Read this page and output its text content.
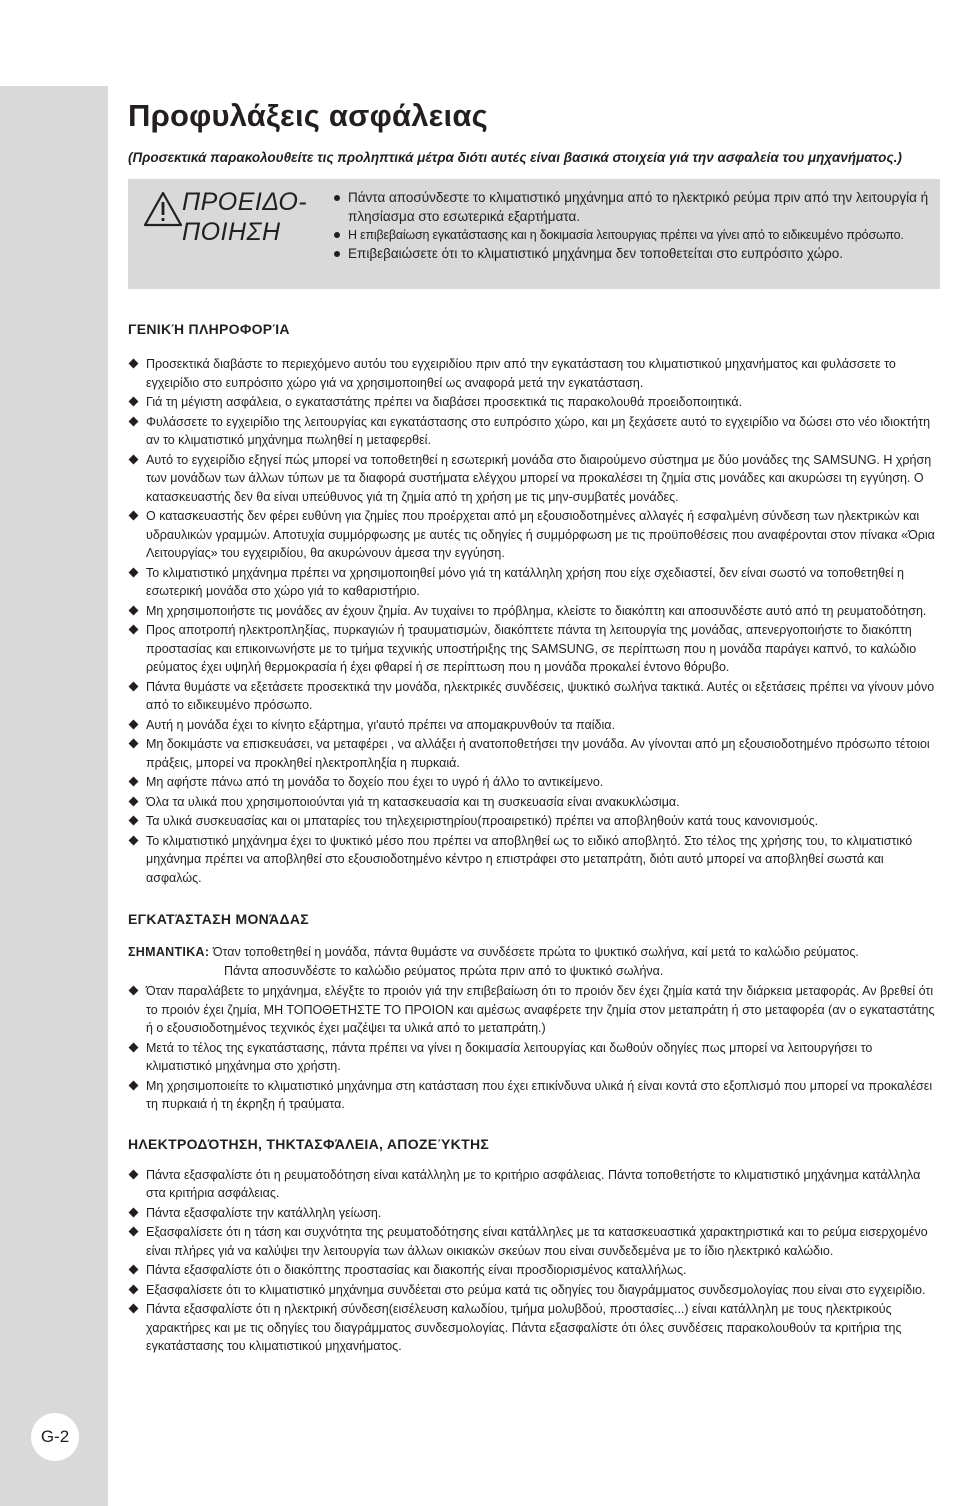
G-2
Προφυλάξεις ασφάλειας

(Προσεκτικά παρακολουθείτε τις προληπτικά μέτρα διότι αυτές είναι βασικά στοιχεία γιά την ασφαλεία του μηχανήματος.)

ΠΡΟΕΙΔΟ-
ΠΟΙΗΣΗ
Πάντα αποσύνδεστε το κλιματιστικό μηχάνημα από το ηλεκτρικό ρεύμα πριν από την λειτουργία ή πλησίασμα στο εσωτερικά εξαρτήματα.
Η επιβεβαίωση εγκατάστασης και η δοκιμασία λειτουργιας πρέπει να γίνει από το ειδικευμένο πρόσωπο.
Επιβεβαιώσετε ότι το κλιματιστικό μηχάνημα δεν τοποθετείται στο ευπρόσιτο χώρο.
ΓΕΝΙΚΉ ΠΛΗΡΟΦΟΡΊΑ
Προσεκτικά διαβάστε το περιεχόμενο αυτόυ του εγχειριδίου πριν από την εγκατάσταση του κλιματιστικού μηχανήματος και φυλάσσετε το εγχειρίδιο στο ευπρόσιτο χώρο γιά να χρησιμοποιηθεί ως αναφορά μετά την εγκατάσταση.
Γιά τη μέγιστη ασφάλεια, ο εγκαταστάτης πρέπει να διαβάσει προσεκτικά τις παρακολουθά προειδοποιητικά.
Φυλάσσετε το εγχειρίδιο της λειτουργίας και εγκατάστασης στο ευπρόσιτο χώρο, και μη ξεχάσετε αυτό το εγχειρίδιο να δώσει στο νέο ιδιοκτήτη αν το κλιματιστικό μηχάνημα πωληθεί η μεταφερθεί.
Αυτό το εγχειρίδιο εξηγεί πώς μπορεί να τοποθετηθεί η εσωτερική μονάδα στο διαιρούμενο σύστημα με δύο μονάδες της SAMSUNG. Η χρήση των μονάδων των άλλων τύπων με τα διαφορά συστήματα ελέγχου μπορεί να προκαλέσει τη ζημία στις μονάδες και ακυρώσει τη εγγύηση. Ο κατασκευαστής δεν θα είναι υπεύθυνος γιά τη ζημία από τη χρήση με τις μην-συμβατές μονάδες.
Ο κατασκευαστής δεν φέρει ευθύνη για ζημίες που προέρχεται από μη εξουσιοδοτημένες αλλαγές ή εσφαλμένη σύνδεση των ηλεκτρικών και υδραυλικών γραμμών. Αποτυχία συμμόρφωσης με αυτές τις οδηγίες ή συμμόρφωση με τις προϋποθέσεις που αναφέρονται στον πίνακα «Όρια Λειτουργίας» του εγχειριδίου, θα ακυρώνουν άμεσα την εγγύηση.
Το κλιματιστικό μηχάνημα πρέπει να χρησιμοποιηθεί μόνο γιά τη κατάλληλη χρήση που είχε σχεδιαστεί, δεν είναι σωστό να τοποθετηθεί η εσωτερική μονάδα στο χώρο γιά το καθαριστήριο.
Μη χρησιμοποιήστε τις μονάδες αν έχουν ζημία. Αν τυχαίνει το πρόβλημα, κλείστε το διακόπτη και αποσυνδέστε αυτό από τη ρευματοδότηση.
Προς αποτροπή ηλεκτροπληξίας, πυρκαγιών ή τραυματισμών, διακόπτετε πάντα τη λειτουργία της μονάδας, απενεργοποιήστε το διακόπτη προστασίας και επικοινωνήστε με το τμήμα τεχνικής υποστήριξης της SAMSUNG, σε περίπτωση που η μονάδα παράγει καπνό, το καλώδιο ρεύματος έχει υψηλή θερμοκρασία ή έχει φθαρεί ή σε περίπτωση που η μονάδα προκαλεί έντονο θόρυβο.
Πάντα θυμάστε να εξετάσετε προσεκτικά την μονάδα, ηλεκτρικές συνδέσεις, ψυκτικό σωλήνα τακτικά. Αυτές οι εξετάσεις πρέπει να γίνουν μόνο από το ειδικευμένο πρόσωπο.
Αυτή η μονάδα έχει το κίνητο εξάρτημα, γι'αυτό πρέπει να απομακρυνθούν τα παίδια.
Μη δοκιμάστε να επισκευάσει, να μεταφέρει , να αλλάξει ή ανατοποθετήσει την μονάδα. Αν γίνονται από μη εξουσιοδοτημένο πρόσωπο τέτοιοι πράξεις, μπορεί να προκληθεί ηλεκτροπληξία η πυρκαιά.
Μη αφήστε πάνω από τη μονάδα το δοχείο που έχει το υγρό ή άλλο το αντικείμενο.
Όλα τα υλικά που χρησιμοποιούνται γιά τη κατασκευασία και τη συσκευασία είναι ανακυκλώσιμα.
Τα υλικά συσκευασίας και οι μπαταρίες του τηλεχειριστηρίου(προαιρετικό) πρέπει να αποβληθούν κατά τους κανονισμούς.
Το κλιματιστικό μηχάνημα έχει το ψυκτικό μέσο που πρέπει να αποβληθεί ως το ειδικό αποβλητό. Στο τέλος της χρήσης του, το κλιματιστικό μηχάνημα πρέπει να αποβληθεί στο εξουσιοδοτημένο κέντρο η επιστράφει στο μεταπράτη, διότι αυτό μπορεί να αποβληθεί σωστά και ασφαλώς.
ΕΓΚΑΤΆΣΤΑΣΗ ΜΟΝΆΔΑΣ
ΣΗΜΑΝΤΙΚΑ: Όταν τοποθετηθεί η μονάδα, πάντα θυμάστε να συνδέσετε πρώτα το ψυκτικό σωλήνα, καί μετά το καλώδιο ρεύματος.
Πάντα αποσυνδέστε το καλώδιο ρεύματος πρώτα πριν από το ψυκτικό σωλήνα.
Όταν παραλάβετε το μηχάνημα, ελέγξτε το προιόν γιά την επιβεβαίωση ότι το προιόν δεν έχει ζημία κατά την διάρκεια μεταφοράς. Αν βρεθεί ότι το προιόν έχει ζημία, ΜΗ ΤΟΠΟΘΕΤΗΣΤΕ ΤΟ ΠΡΟΙΟΝ και αμέσως αναφέρετε την ζημία στον μεταπράτη ή στο μεταφορέα (αν ο εγκαταστάτης ή ο εξουσιοδοτημένος τεχνικός έχει μαζέψει τα υλικά από το μεταπράτη.)
Μετά το τέλος της εγκατάστασης, πάντα πρέπει να γίνει η δοκιμασία λειτουργίας και δωθούν οδηγίες πως μπορεί να λειτουργήσει το κλιματιστικό μηχάνημα στο χρήστη.
Μη χρησιμοποιείτε το κλιματιστικό μηχάνημα στη κατάσταση που έχει επικίνδυνα υλικά ή είναι κοντά στο εξοπλισμό που μπορεί να προκαλέσει τη πυρκαιά ή τη έκρηξη ή τραύματα.
ΗΛΕΚΤΡΟΔΌΤΗΣΗ, ΤΗΚΤΑΣΦΆΛΕΙΑ, ΑΠΟΖΕΎΚΤΗΣ
Πάντα εξασφαλίστε ότι η ρευματοδότηση είναι κατάλληλη με το κριτήριο ασφάλειας. Πάντα τοποθετήστε το κλιματιστικό μηχάνημα κατάλληλα στα κριτήρια ασφάλειας.
Πάντα εξασφαλίστε την κατάλληλη γείωση.
Εξασφαλίσετε ότι η τάση και συχνότητα της ρευματοδότησης είναι κατάλληλες με τα κατασκευαστικά χαρακτηριστικά και το ρεύμα εισερχομένο είναι πλήρες γιά να καλύψει την λειτουργία των άλλων οικιακών σκεύων που είναι συνδεδεμένα με το ίδιο ηλεκτρικό καλώδιο.
Πάντα εξασφαλίστε ότι ο διακόπτης προστασίας και διακοπής είναι προσδιορισμένος καταλλήλως.
Εξασφαλίσετε ότι το κλιματιστικό μηχάνημα συνδέεται στο ρεύμα κατά τις οδηγίες του διαγράμματος συνδεσμολογίας που είναι στο εγχειρίδιο.
Πάντα εξασφαλίστε ότι η ηλεκτρική σύνδεση(εισέλευση καλωδίου, τμήμα μολυβδού, προστασίες...) είναι κατάλληλη με τους ηλεκτρικούς χαρακτήρες και με τις οδηγίες του διαγράμματος συνδεσμολογίας. Πάντα εξασφαλίστε ότι όλες συνδέσεις παρακολουθούν τα κριτήρια της εγκατάστασης του κλιματιστικού μηχανήματος.
